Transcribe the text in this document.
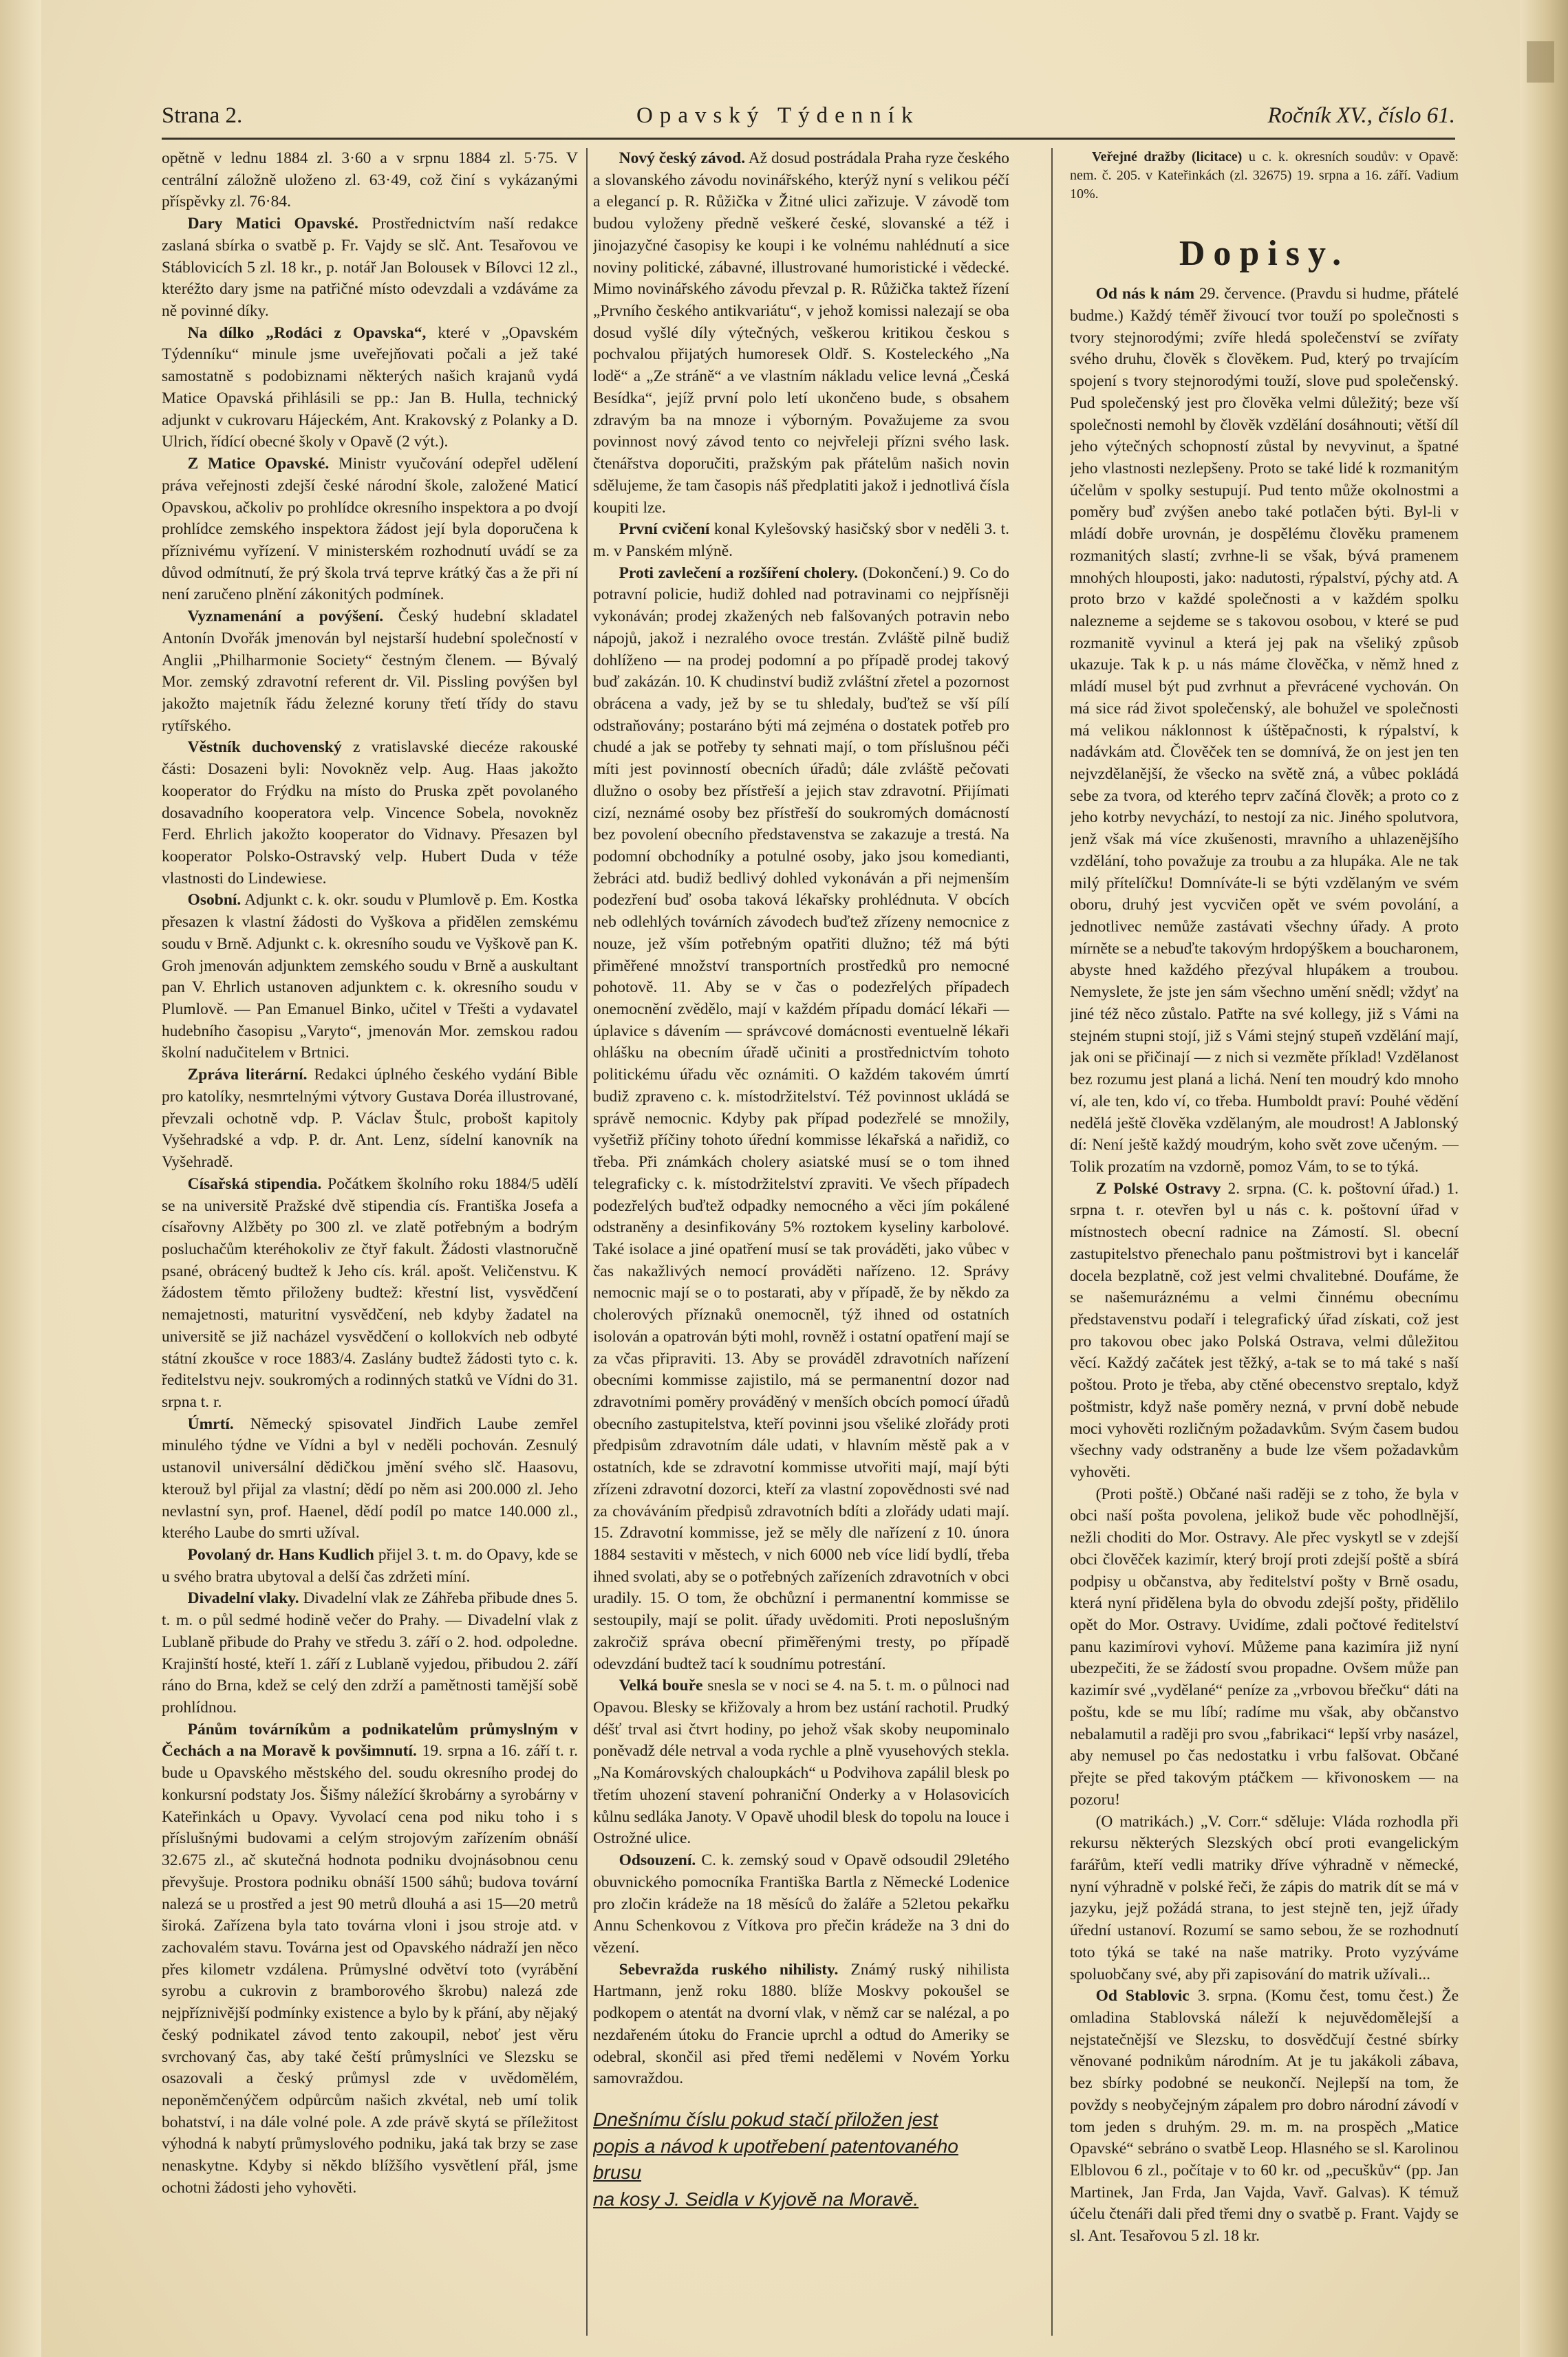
Strana 2.	Opavský Týdenník	Ročník XV., číslo 61.

opětně v lednu 1884 zl. 3·60 a v srpnu 1884 zl. 5·75. V centrální záložně uloženo zl. 63·49, což činí s vykázanými příspěvky zl. 76·84.

Dary Matici Opavské. Prostřednictvím naší redakce zaslaná sbírka o svatbě p. Fr. Vajdy se slč. Ant. Tesařovou ve Stáblovicích 5 zl. 18 kr., p. notář Jan Bolousek v Bílovci 12 zl., kteréžto dary jsme na patřičné místo odevzdali a vzdáváme za ně povinné díky.

Na dílko „Rodáci z Opavska“, které v „Opavském Týdenníku“ minule jsme uveřejňovati počali a jež také samostatně s podobiznami některých našich krajanů vydá Matice Opavská přihlásili se pp.: Jan B. Hulla, technický adjunkt v cukrovaru Hájeckém, Ant. Krakovský z Polanky a D. Ulrich, řídící obecné školy v Opavě (2 výt.).

Z Matice Opavské. Ministr vyučování odepřel udělení práva veřejnosti zdejší české národní škole, založené Maticí Opavskou, ačkoliv po prohlídce okresního inspektora a po dvojí prohlídce zemského inspektora žádost její byla doporučena k příznivému vyřízení. V ministerském rozhodnutí uvádí se za důvod odmítnutí, že prý škola trvá teprve krátký čas a že při ní není zaručeno plnění zákonitých podmínek.

Vyznamenání a povýšení. Český hudební skladatel Antonín Dvořák jmenován byl nejstarší hudební společností v Anglii „Philharmonie Society“ čestným členem. — Bývalý Mor. zemský zdravotní referent dr. Vil. Pissling povýšen byl jakožto majetník řádu železné koruny třetí třídy do stavu rytířského.

Věstník duchovenský z vratislavské diecéze rakouské části: Dosazeni byli: Novokněz velp. Aug. Haas jakožto kooperator do Frýdku na místo do Pruska zpět povolaného dosavadního kooperatora velp. Vincence Sobela, novokněz Ferd. Ehrlich jakožto kooperator do Vidnavy. Přesazen byl kooperator Polsko-Ostravský velp. Hubert Duda v téže vlastnosti do Lindewiese.

Osobní. Adjunkt c. k. okr. soudu v Plumlově p. Em. Kostka přesazen k vlastní žádosti do Vyškova a přidělen zemskému soudu v Brně. Adjunkt c. k. okresního soudu ve Vyškově pan K. Groh jmenován adjunktem zemského soudu v Brně a auskultant pan V. Ehrlich ustanoven adjunktem c. k. okresního soudu v Plumlově. — Pan Emanuel Binko, učitel v Třešti a vydavatel hudebního časopisu „Varyto“, jmenován Mor. zemskou radou školní nadučitelem v Brtnici.

Zpráva literární. Redakci úplného českého vydání Bible pro katolíky, nesmrtelnými výtvory Gustava Doréa illustrované, převzali ochotně vdp. P. Václav Štulc, probošt kapitoly Vyšehradské a vdp. P. dr. Ant. Lenz, sídelní kanovník na Vyšehradě.

Císařská stipendia. Počátkem školního roku 1884/5 udělí se na universitě Pražské dvě stipendia cís. Františka Josefa a císařovny Alžběty po 300 zl. ve zlatě potřebným a bodrým posluchačům kteréhokoliv ze čtyř fakult. Žádosti vlastnoručně psané, obrácený budtež k Jeho cís. král. apošt. Veličenstvu. K žádostem těmto přiloženy budtež: křestní list, vysvědčení nemajetnosti, maturitní vysvědčení, neb kdyby žadatel na universitě se již nacházel vysvědčení o kollokvích neb odbyté státní zkoušce v roce 1883/4. Zaslány budtež žádosti tyto c. k. ředitelstvu nejv. soukromých a rodinných statků ve Vídni do 31. srpna t. r.

Úmrtí. Německý spisovatel Jindřich Laube zemřel minulého týdne ve Vídni a byl v neděli pochován. Zesnulý ustanovil universální dědičkou jmění svého slč. Haasovu, kterouž byl přijal za vlastní; dědí po něm asi 200.000 zl. Jeho nevlastní syn, prof. Haenel, dědí podíl po matce 140.000 zl., kterého Laube do smrti užíval.

Povolaný dr. Hans Kudlich přijel 3. t. m. do Opavy, kde se u svého bratra ubytoval a delší čas zdržeti míní.

Divadelní vlaky. Divadelní vlak ze Záhřeba přibude dnes 5. t. m. o půl sedmé hodině večer do Prahy. — Divadelní vlak z Lublaně přibude do Prahy ve středu 3. září o 2. hod. odpoledne. Krajinští hosté, kteří 1. září z Lublaně vyjedou, přibudou 2. září ráno do Brna, kdež se celý den zdrží a pamětnosti tamější sobě prohlídnou.

Pánům továrníkům a podnikatelům průmyslným v Čechách a na Moravě k povšimnutí. 19. srpna a 16. září t. r. bude u Opavského městského del. soudu okresního prodej do konkursní podstaty Jos. Šišmy náležící škrobárny a syrobárny v Kateřinkách u Opavy. Vyvolací cena pod niku toho i s příslušnými budovami a celým strojovým zařízením obnáší 32.675 zl., ač skutečná hodnota podniku dvojnásobnou cenu převyšuje. Prostora podniku obnáší 1500 sáhů; budova tovární nalezá se u prostřed a jest 90 metrů dlouhá a asi 15—20 metrů široká. Zařízena byla tato továrna vloni i jsou stroje atd. v zachovalém stavu. Továrna jest od Opavského nádraží jen něco přes kilometr vzdálena. Průmyslné odvětví toto (vyrábění syrobu a cukrovin z bramborového škrobu) nalezá zde nejpříznivější podmínky existence a bylo by k přání, aby nějaký český podnikatel závod tento zakoupil, neboť jest věru svrchovaný čas, aby také čeští průmyslníci ve Slezsku se osazovali a český průmysl zde v uvědomělém, neponěmčenýčem odpůrcům našich zkvétal, neb umí tolik bohatství, i na dále volné pole. A zde právě skytá se příležitost výhodná k nabytí průmyslového podniku, jaká tak brzy se zase nenaskytne. Kdyby si někdo blížšího vysvětlení přál, jsme ochotni žádosti jeho vyhověti.

Nový český závod. Až dosud postrádala Praha ryze českého a slovanského závodu novinářského, kterýž nyní s velikou péčí a elegancí p. R. Růžička v Žitné ulici zařizuje. V závodě tom budou vyloženy předně veškeré české, slovanské a též i jinojazyčné časopisy ke koupi i ke volnému nahlédnutí a sice noviny politické, zábavné, illustrované humoristické i vědecké. Mimo novinářského závodu převzal p. R. Růžička taktež řízení „Prvního českého antikvariátu“, v jehož komissi nalezají se oba dosud vyšlé díly výtečných, veškerou kritikou českou s pochvalou přijatých humoresek Oldř. S. Kosteleckého „Na lodě“ a „Ze stráně“ a ve vlastním nákladu velice levná „Česká Besídka“, jejíž první polo letí ukončeno bude, s obsahem zdravým ba na mnoze i výborným. Považujeme za svou povinnost nový závod tento co nejvřeleji přízni svého lask. čtenářstva doporučiti, pražským pak přátelům našich novin sdělujeme, že tam časopis náš předplatiti jakož i jednotlivá čísla koupiti lze.

První cvičení konal Kylešovský hasičský sbor v neděli 3. t. m. v Panském mlýně.

Proti zavlečení a rozšíření cholery. (Dokončení.) 9. Co do potravní policie, hudiž dohled nad potravinami co nejpřísněji vykonáván; prodej zkažených neb falšovaných potravin nebo nápojů, jakož i nezralého ovoce trestán. Zvláště pilně budiž dohlíženo — na prodej podomní a po případě prodej takový buď zakázán. 10. K chudinství budiž zvláštní zřetel a pozornost obrácena a vady, jež by se tu shledaly, buďtež se vší pílí odstraňovány; postaráno býti má zejména o dostatek potřeb pro chudé a jak se potřeby ty sehnati mají, o tom příslušnou péči míti jest povinností obecních úřadů; dále zvláště pečovati dlužno o osoby bez přístřeší a jejich stav zdravotní. Přijímati cizí, neznámé osoby bez přístřeší do soukromých domácností bez povolení obecního představenstva se zakazuje a trestá. Na podomní obchodníky a potulné osoby, jako jsou komedianti, žebráci atd. budiž bedlivý dohled vykonáván a při nejmenším podezření buď osoba taková lékařsky prohlédnuta. V obcích neb odlehlých továrních závodech buďtež zřízeny nemocnice z nouze, jež vším potřebným opatřiti dlužno; též má býti přiměřené množství transportních prostředků pro nemocné pohotově. 11. Aby se v čas o podezřelých případech onemocnění zvědělo, mají v každém případu domácí lékaři — úplavice s dávením — správcové domácnosti eventuelně lékaři ohlášku na obecním úřadě učiniti a prostřednictvím tohoto politickému úřadu věc oznámiti. O každém takovém úmrtí budiž zpraveno c. k. místodržitelství. Též povinnost ukládá se správě nemocnic. Kdyby pak případ podezřelé se množily, vyšetřiž příčiny tohoto úřední kommisse lékařská a nařidiž, co třeba. Při známkách cholery asiatské musí se o tom ihned telegraficky c. k. místodržitelství zpraviti. Ve všech případech podezřelých buďtež odpadky nemocného a věci jím pokálené odstraněny a desinfikovány 5% roztokem kyseliny karbolové. Také isolace a jiné opatření musí se tak prováděti, jako vůbec v čas nakažlivých nemocí prováděti nařízeno. 12. Správy nemocnic mají se o to postarati, aby v případě, že by někdo za cholerových příznaků onemocněl, týž ihned od ostatních isolován a opatrován býti mohl, rovněž i ostatní opatření mají se za včas připraviti. 13. Aby se prováděl zdravotních nařízení obecními kommisse zajistilo, má se permanentní dozor nad zdravotními poměry prováděný v menších obcích pomocí úřadů obecního zastupitelstva, kteří povinni jsou všeliké zlořády proti předpisům zdravotním dále udati, v hlavním městě pak a v ostatních, kde se zdravotní kommisse utvořiti mají, mají býti zřízeni zdravotní dozorci, kteří za vlastní zopovědnosti své nad za chováváním předpisů zdravotních bdíti a zlořády udati mají. 15. Zdravotní kommisse, jež se měly dle nařízení z 10. února 1884 sestaviti v městech, v nich 6000 neb více lidí bydlí, třeba ihned svolati, aby se o potřebných zařízeních zdravotních v obci uradily. 15. O tom, že obchůzní i permanentní kommisse se sestoupily, mají se polit. úřady uvědomiti. Proti neposlušným zakročiž správa obecní přiměřenými tresty, po případě odevzdání budtež tací k soudnímu potrestání.

Velká bouře snesla se v noci se 4. na 5. t. m. o půlnoci nad Opavou. Blesky se křižovaly a hrom bez ustání rachotil. Prudký déšť trval asi čtvrt hodiny, po jehož však skoby neupominalo poněvadž déle netrval a voda rychle a plně vyusehových stekla. „Na Komárovských chaloupkách“ u Podvihova zapálil blesk po třetím uhození stavení pohraniční Onderky a v Holasovicích kůlnu sedláka Janoty. V Opavě uhodil blesk do topolu na louce i Ostrožné ulice.

Odsouzení. C. k. zemský soud v Opavě odsoudil 29letého obuvnického pomocníka Františka Bartla z Německé Lodenice pro zločin krádeže na 18 měsíců do žaláře a 52letou pekařku Annu Schenkovou z Vítkova pro přečin krádeže na 3 dni do vězení.

Sebevražda ruského nihilisty. Známý ruský nihilista Hartmann, jenž roku 1880. blíže Moskvy pokoušel se podkopem o atentát na dvorní vlak, v němž car se nalézal, a po nezdařeném útoku do Francie uprchl a odtud do Ameriky se odebral, skončil asi před třemi nedělemi v Novém Yorku samovraždou.

Dnešnímu číslu pokud stačí přiložen jest
popis a návod k upotřebení patentovaného brusu
na kosy J. Seidla v Kyjově na Moravě.

Veřejné dražby (licitace) u c. k. okresních soudův: v Opavě: nem. č. 205. v Kateřinkách (zl. 32675) 19. srpna a 16. září. Vadium 10%.

Dopisy.

Od nás k nám 29. července. (Pravdu si hudme, přátelé budme.) Každý téměř živoucí tvor touží po společnosti s tvory stejnorodými; zvíře hledá společenství se zvířaty svého druhu, člověk s člověkem. Pud, který po trvajícím spojení s tvory stejnorodými touží, slove pud společenský. Pud společenský jest pro člověka velmi důležitý; beze vší společnosti nemohl by člověk vzdělání dosáhnouti; větší díl jeho výtečných schopností zůstal by nevyvinut, a špatné jeho vlastnosti nezlepšeny. Proto se také lidé k rozmanitým účelům v spolky sestupují. Pud tento může okolnostmi a poměry buď zvýšen anebo také potlačen býti. Byl-li v mládí dobře urovnán, je dospělému člověku pramenem rozmanitých slastí; zvrhne-li se však, bývá pramenem mnohých hlouposti, jako: nadutosti, rýpalství, pýchy atd. A proto brzo v každé společnosti a v každém spolku nalezneme a sejdeme se s takovou osobou, v které se pud rozmanitě vyvinul a která jej pak na všeliký způsob ukazuje. Tak k p. u nás máme člověčka, v němž hned z mládí musel být pud zvrhnut a převrácené vychován. On má sice rád život společenský, ale bohužel ve společnosti má velikou náklonnost k úštěpačnosti, k rýpalství, k nadávkám atd. Člověček ten se domnívá, že on jest jen ten nejvzdělanější, že všecko na světě zná, a vůbec pokládá sebe za tvora, od kterého teprv začíná člověk; a proto co z jeho kotrby nevychází, to nestojí za nic. Jiného spolutvora, jenž však má více zkušenosti, mravního a uhlazenějšího vzdělání, toho považuje za troubu a za hlupáka. Ale ne tak milý přítelíčku! Domníváte-li se býti vzdělaným ve svém oboru, druhý jest vycvičen opět ve svém povolání, a jednotlivec nemůže zastávati všechny úřady. A proto mírněte se a nebuďte takovým hrdopýškem a boucharonem, abyste hned každého přezýval hlupákem a troubou. Nemyslete, že jste jen sám všechno umění snědl; vždyť na jiné též něco zůstalo. Patřte na své kollegy, již s Vámi na stejném stupni stojí, již s Vámi stejný stupeň vzdělání mají, jak oni se přičinají — z nich si vezměte příklad! Vzdělanost bez rozumu jest planá a lichá. Není ten moudrý kdo mnoho ví, ale ten, kdo ví, co třeba. Humboldt praví: Pouhé vědění nedělá ještě člověka vzdělaným, ale moudrost! A Jablonský dí: Není ještě každý moudrým, koho svět zove učeným. — Tolik prozatím na vzdorně, pomoz Vám, to se to týká.

Z Polské Ostravy 2. srpna. (C. k. poštovní úřad.) 1. srpna t. r. otevřen byl u nás c. k. poštovní úřad v místnostech obecní radnice na Zámostí. Sl. obecní zastupitelstvo přenechalo panu poštmistrovi byt i kancelář docela bezplatně, což jest velmi chvalitebné. Doufáme, že se našemuráznému a velmi činnému obecnímu představenstvu podaří i telegrafický úřad získati, což jest pro takovou obec jako Polská Ostrava, velmi důležitou věcí. Každý začátek jest těžký, a-tak se to má také s naší poštou. Proto je třeba, aby ctěné obecenstvo sreptalo, když poštmistr, když naše poměry nezná, v první době nebude moci vyhověti rozličným požadavkům. Svým časem budou všechny vady odstraněny a bude lze všem požadavkům vyhověti.

(Proti poště.) Občané naši raději se z toho, že byla v obci naší pošta povolena, jelikož bude věc pohodlnější, nežli choditi do Mor. Ostravy. Ale přec vyskytl se v zdejší obci člověček kazimír, který brojí proti zdejší poště a sbírá podpisy u občanstva, aby ředitelství pošty v Brně osadu, která nyní přidělena byla do obvodu zdejší pošty, přidělilo opět do Mor. Ostravy. Uvidíme, zdali počtové ředitelství panu kazimírovi vyhoví. Můžeme pana kazimíra již nyní ubezpečiti, že se žádostí svou propadne. Ovšem může pan kazimír své „vydělané“ peníze za „vrbovou břečku“ dáti na poštu, kde se mu líbí; radíme mu však, aby občanstvo nebalamutil a raději pro svou „fabrikaci“ lepší vrby nasázel, aby nemusel po čas nedostatku i vrbu falšovat. Občané přejte se před takovým ptáčkem — křivonoskem — na pozoru!

(O matrikách.) „V. Corr.“ sděluje: Vláda rozhodla při rekursu některých Slezských obcí proti evangelickým farářům, kteří vedli matriky dříve výhradně v německé, nyní výhradně v polské řeči, že zápis do matrik dít se má v jazyku, jejž požádá strana, to jest stejně ten, jejž úřady úřední ustanoví. Rozumí se samo sebou, že se rozhodnutí toto týká se také na naše matriky. Proto vyzýváme spoluobčany své, aby při zapisování do matrik užívali...

Od Stablovic 3. srpna. (Komu čest, tomu čest.) Že omladina Stablovská náleží k nejuvědomělejší a nejstatečnější ve Slezsku, to dosvědčují čestné sbírky věnované podnikům národním. At je tu jakákoli zábava, bez sbírky podobné se neukončí. Nejlepší na tom, že povždy s neobyčejným zápalem pro dobro národní závodí v tom jeden s druhým. 29. m. m. na prospěch „Matice Opavské“ sebráno o svatbě Leop. Hlasného se sl. Karolinou Elblovou 6 zl., počítaje v to 60 kr. od „pecuškův“ (pp. Jan Martinek, Jan Frda, Jan Vajda, Vavř. Galvas). K témuž účelu čtenáři dali před třemi dny o svatbě p. Frant. Vajdy se sl. Ant. Tesařovou 5 zl. 18 kr.
